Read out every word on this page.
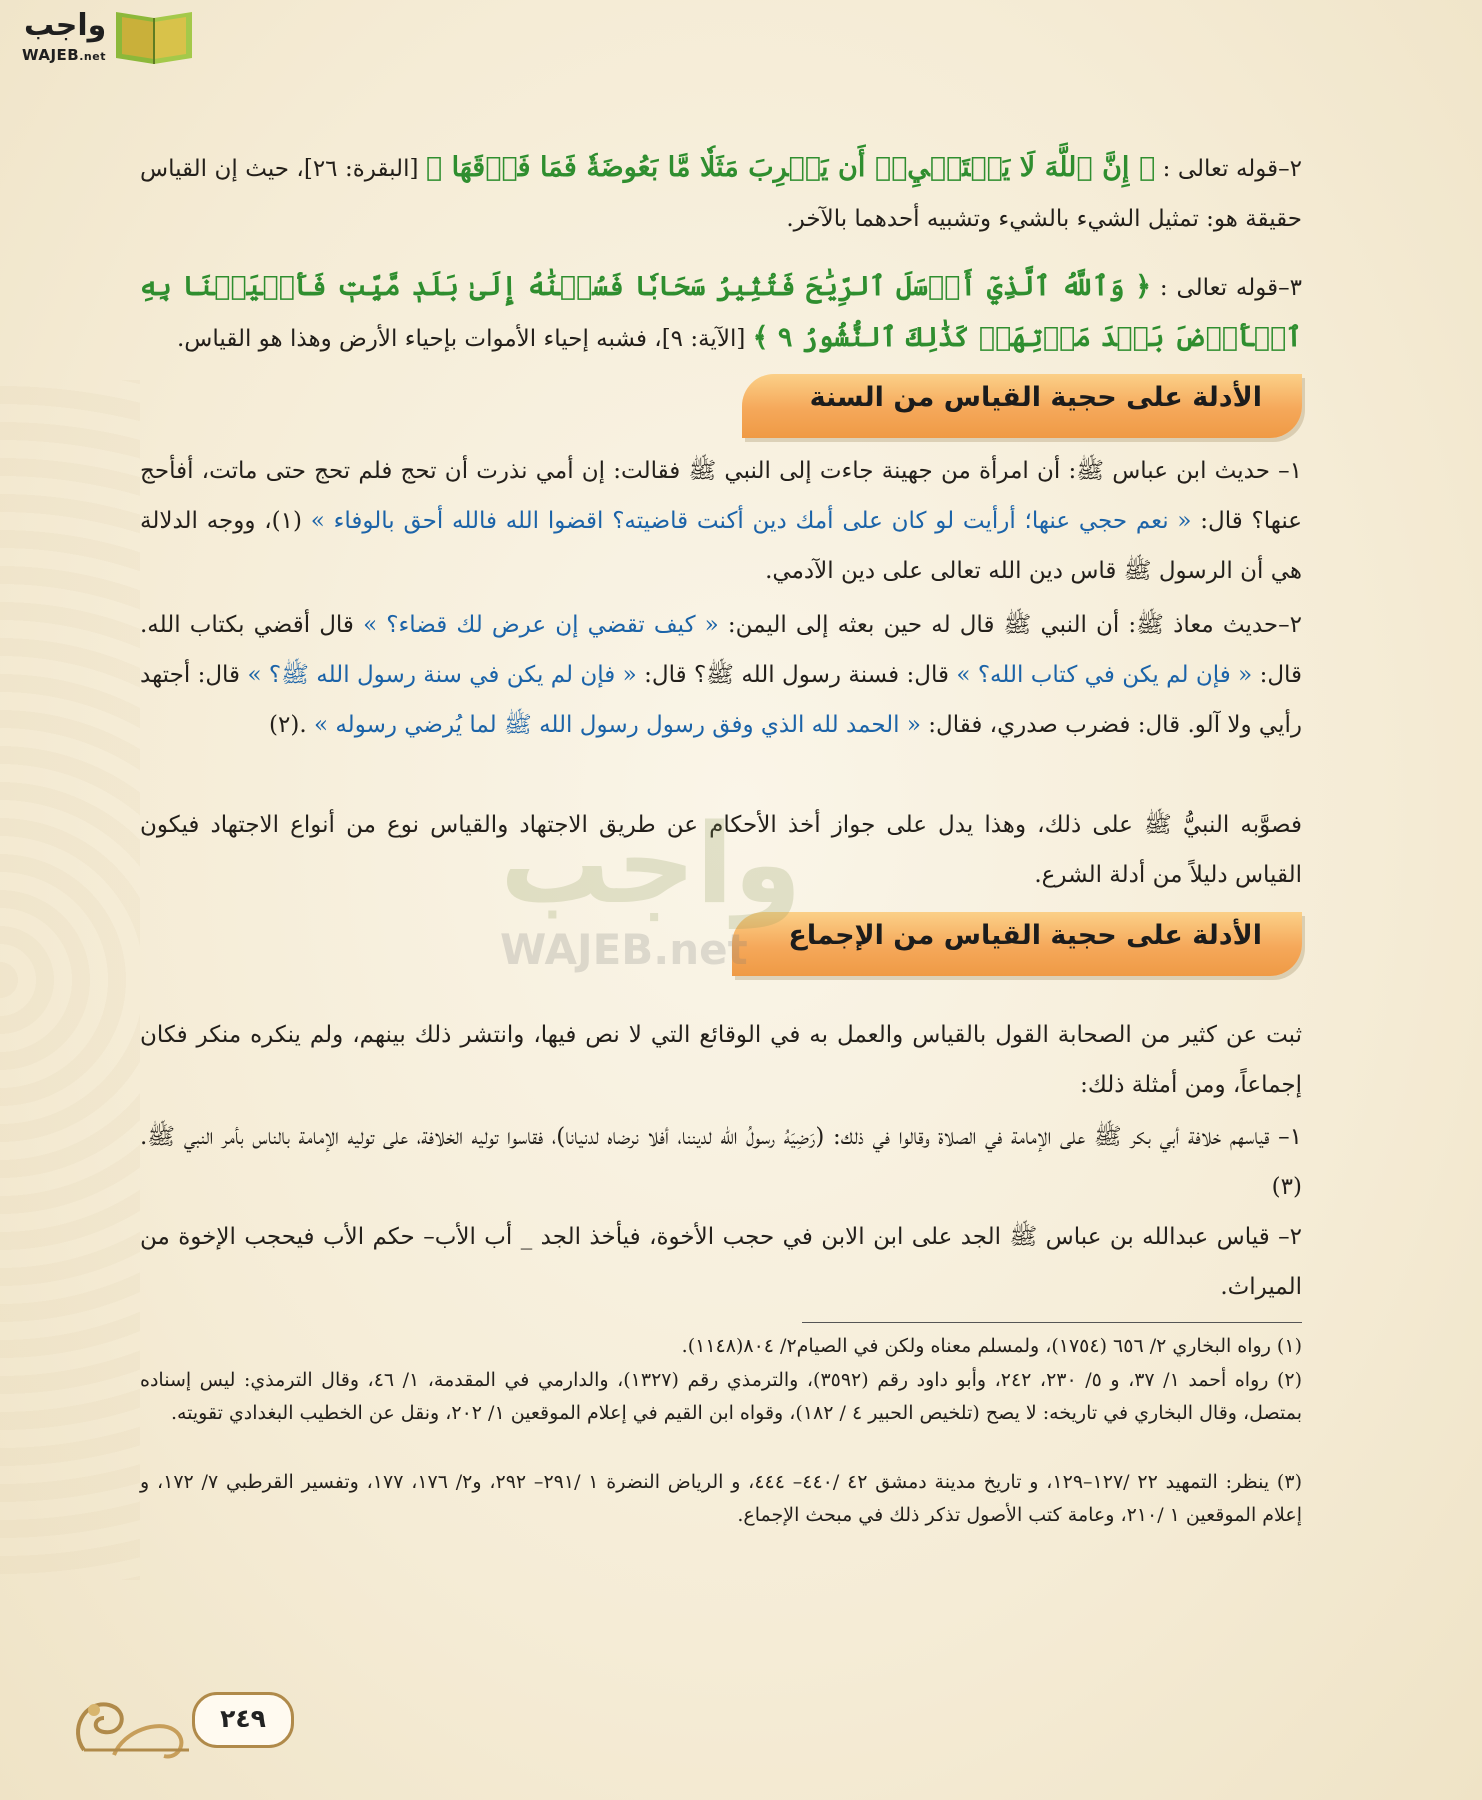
واجب
WAJEB.net
٢–قوله تعالى : ﴿ إِنَّ ٱللَّهَ لَا يَسۡتَحۡيِۦٓ أَن يَضۡرِبَ مَثَلٗا مَّا بَعُوضَةٗ فَمَا فَوۡقَهَا ﴾ [البقرة: ٢٦]، حيث إن القياس حقيقة هو: تمثيل الشيء بالشيء وتشبيه أحدهما بالآخر.
٣–قوله تعالى : ﴿ وَٱللَّهُ ٱلَّذِيٓ أَرۡسَلَ ٱلرِّيَٰحَ فَتُثِيرُ سَحَابٗا فَسُقۡنَٰهُ إِلَىٰ بَلَدٖ مَّيِّتٖ فَأَحۡيَيۡنَا بِهِ ٱلۡأَرۡضَ بَعۡدَ مَوۡتِهَاۚ كَذَٰلِكَ ٱلنُّشُورُ ٩ ﴾ [الآية: ٩]، فشبه إحياء الأموات بإحياء الأرض وهذا هو القياس.
الأدلة على حجية القياس من السنة
١– حديث ابن عباس ﷺ: أن امرأة من جهينة جاءت إلى النبي ﷺ فقالت: إن أمي نذرت أن تحج فلم تحج حتى ماتت، أفأحج عنها؟ قال: « نعم حجي عنها؛ أرأيت لو كان على أمك دين أكنت قاضيته؟ اقضوا الله فالله أحق بالوفاء » (١)، ووجه الدلالة هي أن الرسول ﷺ قاس دين الله تعالى على دين الآدمي.
٢–حديث معاذ ﷺ: أن النبي ﷺ قال له حين بعثه إلى اليمن: « كيف تقضي إن عرض لك قضاء؟ » قال أقضي بكتاب الله. قال: « فإن لم يكن في كتاب الله؟ » قال: فسنة رسول الله ﷺ؟ قال: « فإن لم يكن في سنة رسول الله ﷺ؟ » قال: أجتهد رأيي ولا آلو. قال: فضرب صدري، فقال: « الحمد لله الذي وفق رسول رسول الله ﷺ لما يُرضي رسوله » .(٢)
فصوَّبه النبيُّ ﷺ على ذلك، وهذا يدل على جواز أخذ الأحكام عن طريق الاجتهاد والقياس نوع من أنواع الاجتهاد فيكون القياس دليلاً من أدلة الشرع.
الأدلة على حجية القياس من الإجماع
ثبت عن كثير من الصحابة القول بالقياس والعمل به في الوقائع التي لا نص فيها، وانتشر ذلك بينهم، ولم ينكره منكر فكان إجماعاً، ومن أمثلة ذلك:
١– قياسهم خلافة أبي بكر ﷺ على الإمامة في الصلاة وقالوا في ذلك: (رَضِيَهُ رسولُ الله لديننا، أفلا نرضاه لدنيانا)، فقاسوا توليه الخلافة، على توليه الإمامة بالناس بأمر النبي ﷺ. (٣)
٢– قياس عبدالله بن عباس ﷺ الجد على ابن الابن في حجب الأخوة، فيأخذ الجد _ أب الأب– حكم الأب فيحجب الإخوة من الميراث.
واجب
WAJEB.net
(١) رواه البخاري ٢/ ٦٥٦ (١٧٥٤)، ولمسلم معناه ولكن في الصيام٢/ ٨٠٤(١١٤٨).
(٢) رواه أحمد ١/ ٣٧، و ٥/ ٢٣٠، ٢٤٢، وأبو داود رقم (٣٥٩٢)، والترمذي رقم (١٣٢٧)، والدارمي في المقدمة، ١/ ٤٦، وقال الترمذي: ليس إسناده بمتصل، وقال البخاري في تاريخه: لا يصح (تلخيص الحبير ٤ / ١٨٢)، وقواه ابن القيم في إعلام الموقعين ١/ ٢٠٢، ونقل عن الخطيب البغدادي تقويته.
(٣) ينظر: التمهيد ٢٢ /١٢٧–١٢٩، و تاريخ مدينة دمشق ٤٢ /٤٤٠– ٤٤٤، و الرياض النضرة ١ /٢٩١– ٢٩٢، و٢/ ١٧٦، ١٧٧، وتفسير القرطبي ٧/ ١٧٢، و إعلام الموقعين ١ /٢١٠، وعامة كتب الأصول تذكر ذلك في مبحث الإجماع.
٢٤٩
